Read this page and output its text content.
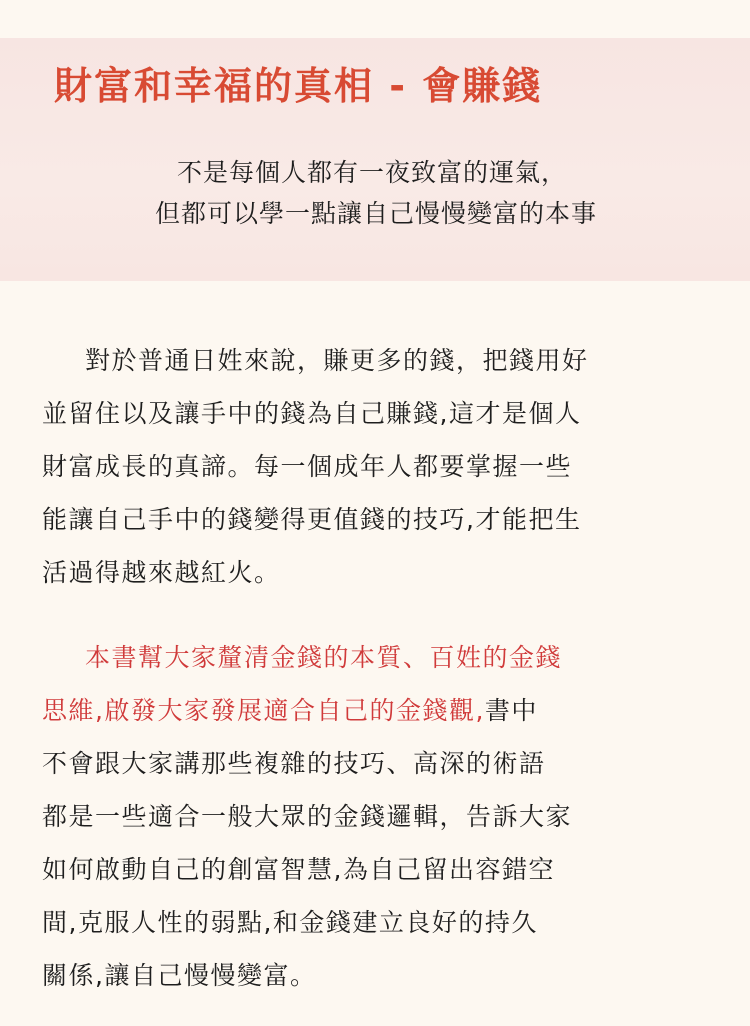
財富和幸福的真相 - 會賺錢
不是每個人都有一夜致富的運氣，
但都可以學一點讓自己慢慢變富的本事
對於普通日姓來說，賺更多的錢，把錢用好
並留住以及讓手中的錢為自己賺錢,這才是個人
財富成長的真諦。每一個成年人都要掌握一些
能讓自己手中的錢變得更值錢的技巧,才能把生
活過得越來越紅火。
本書幫大家釐清金錢的本質、百姓的金錢
思維,啟發大家發展適合自己的金錢觀,書中
不會跟大家講那些複雜的技巧、高深的術語
都是一些適合一般大眾的金錢邏輯，告訴大家
如何啟動自己的創富智慧,為自己留出容錯空
間,克服人性的弱點,和金錢建立良好的持久
關係,讓自己慢慢變富。
